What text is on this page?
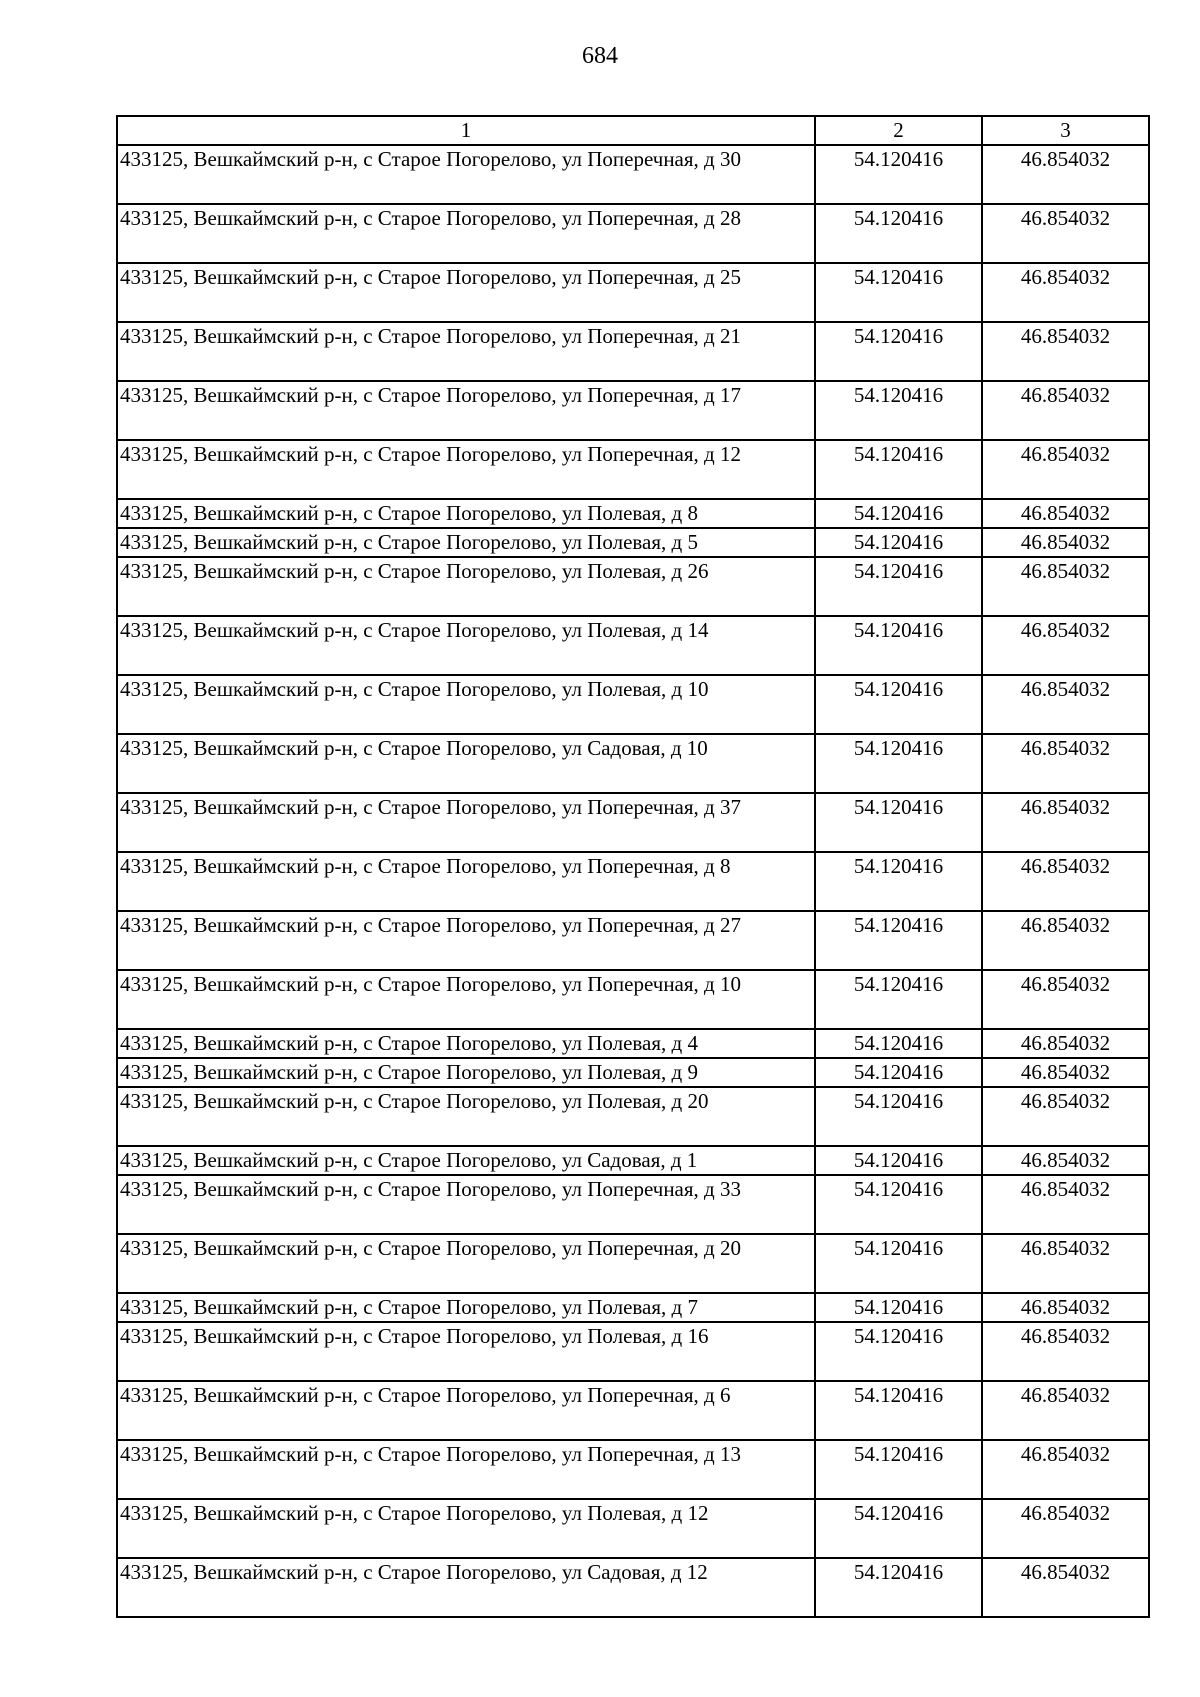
684
1	2	3
433125, Вешкаймский р-н, с Старое Погорелово, ул Поперечная, д 30	54.120416	46.854032
433125, Вешкаймский р-н, с Старое Погорелово, ул Поперечная, д 28	54.120416	46.854032
433125, Вешкаймский р-н, с Старое Погорелово, ул Поперечная, д 25	54.120416	46.854032
433125, Вешкаймский р-н, с Старое Погорелово, ул Поперечная, д 21	54.120416	46.854032
433125, Вешкаймский р-н, с Старое Погорелово, ул Поперечная, д 17	54.120416	46.854032
433125, Вешкаймский р-н, с Старое Погорелово, ул Поперечная, д 12	54.120416	46.854032
433125, Вешкаймский р-н, с Старое Погорелово, ул Полевая, д 8	54.120416	46.854032
433125, Вешкаймский р-н, с Старое Погорелово, ул Полевая, д 5	54.120416	46.854032
433125, Вешкаймский р-н, с Старое Погорелово, ул Полевая, д 26	54.120416	46.854032
433125, Вешкаймский р-н, с Старое Погорелово, ул Полевая, д 14	54.120416	46.854032
433125, Вешкаймский р-н, с Старое Погорелово, ул Полевая, д 10	54.120416	46.854032
433125, Вешкаймский р-н, с Старое Погорелово, ул Садовая, д 10	54.120416	46.854032
433125, Вешкаймский р-н, с Старое Погорелово, ул Поперечная, д 37	54.120416	46.854032
433125, Вешкаймский р-н, с Старое Погорелово, ул Поперечная, д 8	54.120416	46.854032
433125, Вешкаймский р-н, с Старое Погорелово, ул Поперечная, д 27	54.120416	46.854032
433125, Вешкаймский р-н, с Старое Погорелово, ул Поперечная, д 10	54.120416	46.854032
433125, Вешкаймский р-н, с Старое Погорелово, ул Полевая, д 4	54.120416	46.854032
433125, Вешкаймский р-н, с Старое Погорелово, ул Полевая, д 9	54.120416	46.854032
433125, Вешкаймский р-н, с Старое Погорелово, ул Полевая, д 20	54.120416	46.854032
433125, Вешкаймский р-н, с Старое Погорелово, ул Садовая, д 1	54.120416	46.854032
433125, Вешкаймский р-н, с Старое Погорелово, ул Поперечная, д 33	54.120416	46.854032
433125, Вешкаймский р-н, с Старое Погорелово, ул Поперечная, д 20	54.120416	46.854032
433125, Вешкаймский р-н, с Старое Погорелово, ул Полевая, д 7	54.120416	46.854032
433125, Вешкаймский р-н, с Старое Погорелово, ул Полевая, д 16	54.120416	46.854032
433125, Вешкаймский р-н, с Старое Погорелово, ул Поперечная, д 6	54.120416	46.854032
433125, Вешкаймский р-н, с Старое Погорелово, ул Поперечная, д 13	54.120416	46.854032
433125, Вешкаймский р-н, с Старое Погорелово, ул Полевая, д 12	54.120416	46.854032
433125, Вешкаймский р-н, с Старое Погорелово, ул Садовая, д 12	54.120416	46.854032
